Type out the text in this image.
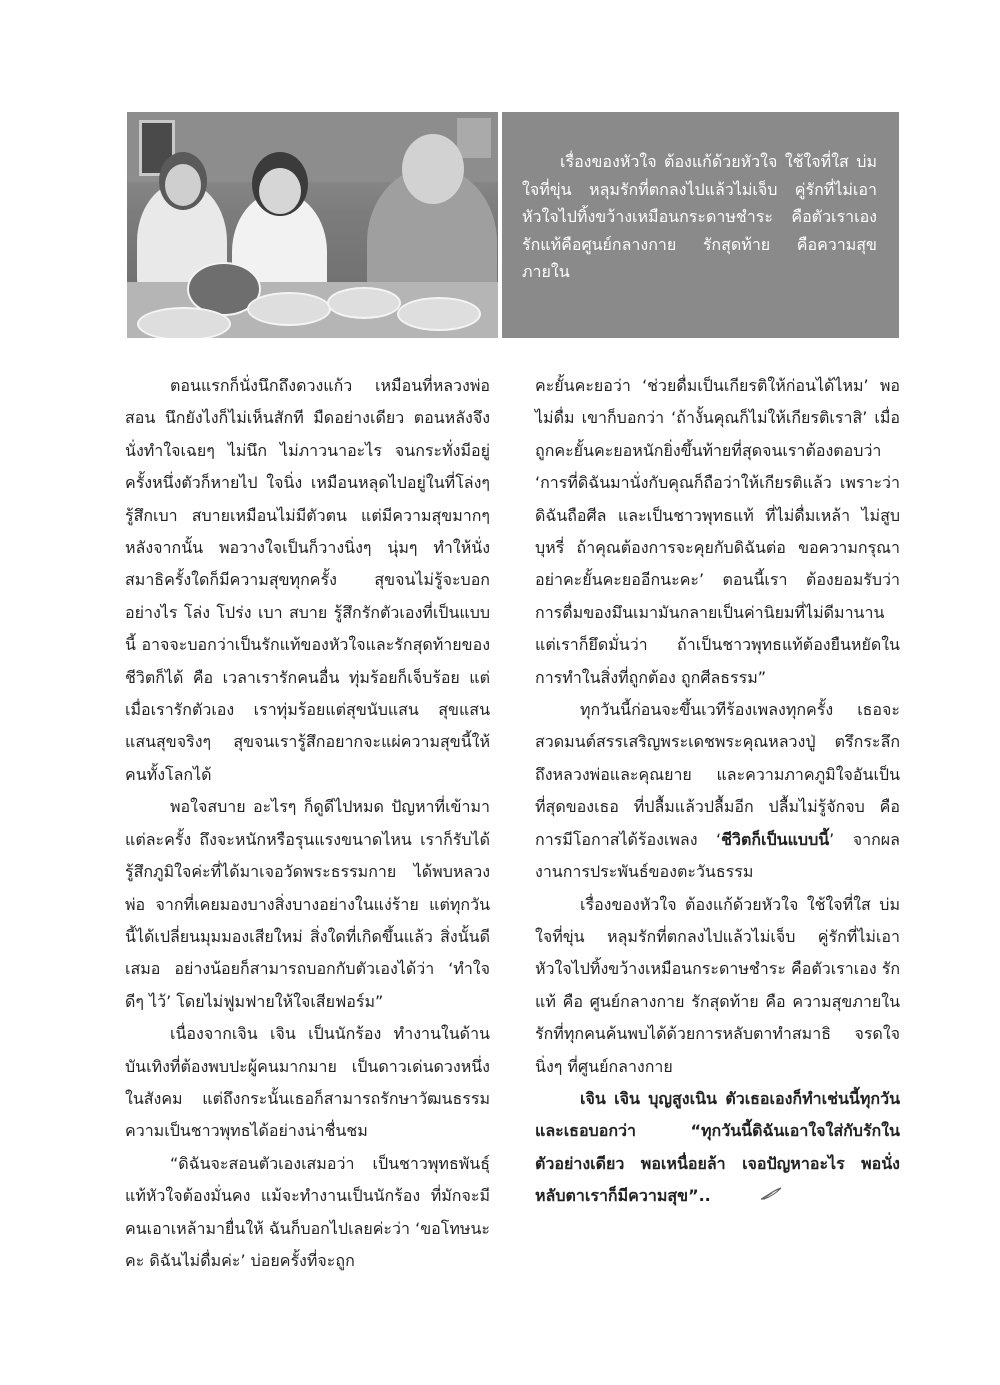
เรื่องของหัวใจ ต้องแก้ด้วยหัวใจ ใช้ใจที่ใส บ่มใจที่ขุ่น หลุมรักที่ตกลงไปแล้วไม่เจ็บ คู่รักที่ไม่เอาหัวใจไปทิ้งขว้างเหมือนกระดาษชำระ คือตัวเราเอง รักแท้คือศูนย์กลางกาย รักสุดท้าย คือความสุขภายใน

ตอนแรกก็นั่งนึกถึงดวงแก้ว เหมือนที่หลวงพ่อสอน นึกยังไงก็ไม่เห็นสักที มืดอย่างเดียว ตอนหลังจึงนั่งทำใจเฉยๆ ไม่นึก ไม่ภาวนาอะไร จนกระทั่งมีอยู่ครั้งหนึ่งตัวก็หายไป ใจนิ่ง เหมือนหลุดไปอยู่ในที่โล่งๆ รู้สึกเบา สบายเหมือนไม่มีตัวตน แต่มีความสุขมากๆ หลังจากนั้น พอวางใจเป็นก็วางนิ่งๆ นุ่มๆ ทำให้นั่งสมาธิครั้งใดก็มีความสุขทุกครั้ง สุขจนไม่รู้จะบอกอย่างไร โล่ง โปร่ง เบา สบาย รู้สึกรักตัวเองที่เป็นแบบนี้ อาจจะบอกว่าเป็นรักแท้ของหัวใจและรักสุดท้ายของชีวิตก็ได้ คือ เวลาเรารักคนอื่น ทุ่มร้อยก็เจ็บร้อย แต่เมื่อเรารักตัวเอง เราทุ่มร้อยแต่สุขนับแสน สุขแสน แสนสุขจริงๆ สุขจนเรารู้สึกอยากจะแผ่ความสุขนี้ให้คนทั้งโลกได้

พอใจสบาย อะไรๆ ก็ดูดีไปหมด ปัญหาที่เข้ามาแต่ละครั้ง ถึงจะหนักหรือรุนแรงขนาดไหน เราก็รับได้ รู้สึกภูมิใจค่ะที่ได้มาเจอวัดพระธรรมกาย ได้พบหลวงพ่อ จากที่เคยมองบางสิ่งบางอย่างในแง่ร้าย แต่ทุกวันนี้ได้เปลี่ยนมุมมองเสียใหม่ สิ่งใดที่เกิดขึ้นแล้ว สิ่งนั้นดีเสมอ อย่างน้อยก็สามารถบอกกับตัวเองได้ว่า ‘ทำใจดีๆ ไว้’ โดยไม่ฟูมฟายให้ใจเสียฟอร์ม”

เนื่องจากเจิน เจิน เป็นนักร้อง ทำงานในด้านบันเทิงที่ต้องพบปะผู้คนมากมาย เป็นดาวเด่นดวงหนึ่งในสังคม แต่ถึงกระนั้นเธอก็สามารถรักษาวัฒนธรรมความเป็นชาวพุทธได้อย่างน่าชื่นชม

“ดิฉันจะสอนตัวเองเสมอว่า เป็นชาวพุทธพันธุ์แท้หัวใจต้องมั่นคง แม้จะทำงานเป็นนักร้อง ที่มักจะมีคนเอาเหล้ามายื่นให้ ฉันก็บอกไปเลยค่ะว่า ‘ขอโทษนะคะ ดิฉันไม่ดื่มค่ะ’ บ่อยครั้งที่จะถูก

คะยั้นคะยอว่า ‘ช่วยดื่มเป็นเกียรติให้ก่อนได้ไหม’ พอไม่ดื่ม เขาก็บอกว่า ‘ถ้างั้นคุณก็ไม่ให้เกียรติเราสิ’ เมื่อถูกคะยั้นคะยอหนักยิ่งขึ้นท้ายที่สุดจนเราต้องตอบว่า ‘การที่ดิฉันมานั่งกับคุณก็ถือว่าให้เกียรติแล้ว เพราะว่าดิฉันถือศีล และเป็นชาวพุทธแท้ ที่ไม่ดื่มเหล้า ไม่สูบบุหรี่ ถ้าคุณต้องการจะคุยกับดิฉันต่อ ขอความกรุณาอย่าคะยั้นคะยออีกนะคะ’ ตอนนี้เรา ต้องยอมรับว่า การดื่มของมึนเมามันกลายเป็นค่านิยมที่ไม่ดีมานาน แต่เราก็ยึดมั่นว่า ถ้าเป็นชาวพุทธแท้ต้องยืนหยัดในการทำในสิ่งที่ถูกต้อง ถูกศีลธรรม”

ทุกวันนี้ก่อนจะขึ้นเวทีร้องเพลงทุกครั้ง เธอจะสวดมนต์สรรเสริญพระเดชพระคุณหลวงปู่ ตรึกระลึกถึงหลวงพ่อและคุณยาย และความภาคภูมิใจอันเป็นที่สุดของเธอ ที่ปลื้มแล้วปลื้มอีก ปลื้มไม่รู้จักจบ คือ การมีโอกาสได้ร้องเพลง ‘ชีวิตก็เป็นแบบนี้’ จากผลงานการประพันธ์ของตะวันธรรม

เรื่องของหัวใจ ต้องแก้ด้วยหัวใจ ใช้ใจที่ใส บ่มใจที่ขุ่น หลุมรักที่ตกลงไปแล้วไม่เจ็บ คู่รักที่ไม่เอาหัวใจไปทิ้งขว้างเหมือนกระดาษชำระ คือตัวเราเอง รักแท้ คือ ศูนย์กลางกาย รักสุดท้าย คือ ความสุขภายใน รักที่ทุกคนค้นพบได้ด้วยการหลับตาทำสมาธิ จรดใจนิ่งๆ ที่ศูนย์กลางกาย

เจิน เจิน บุญสูงเนิน ตัวเธอเองก็ทำเช่นนี้ทุกวัน และเธอบอกว่า “ทุกวันนี้ดิฉันเอาใจใส่กับรักในตัวอย่างเดียว พอเหนื่อยล้า เจอปัญหาอะไร พอนั่งหลับตาเราก็มีความสุข”..
